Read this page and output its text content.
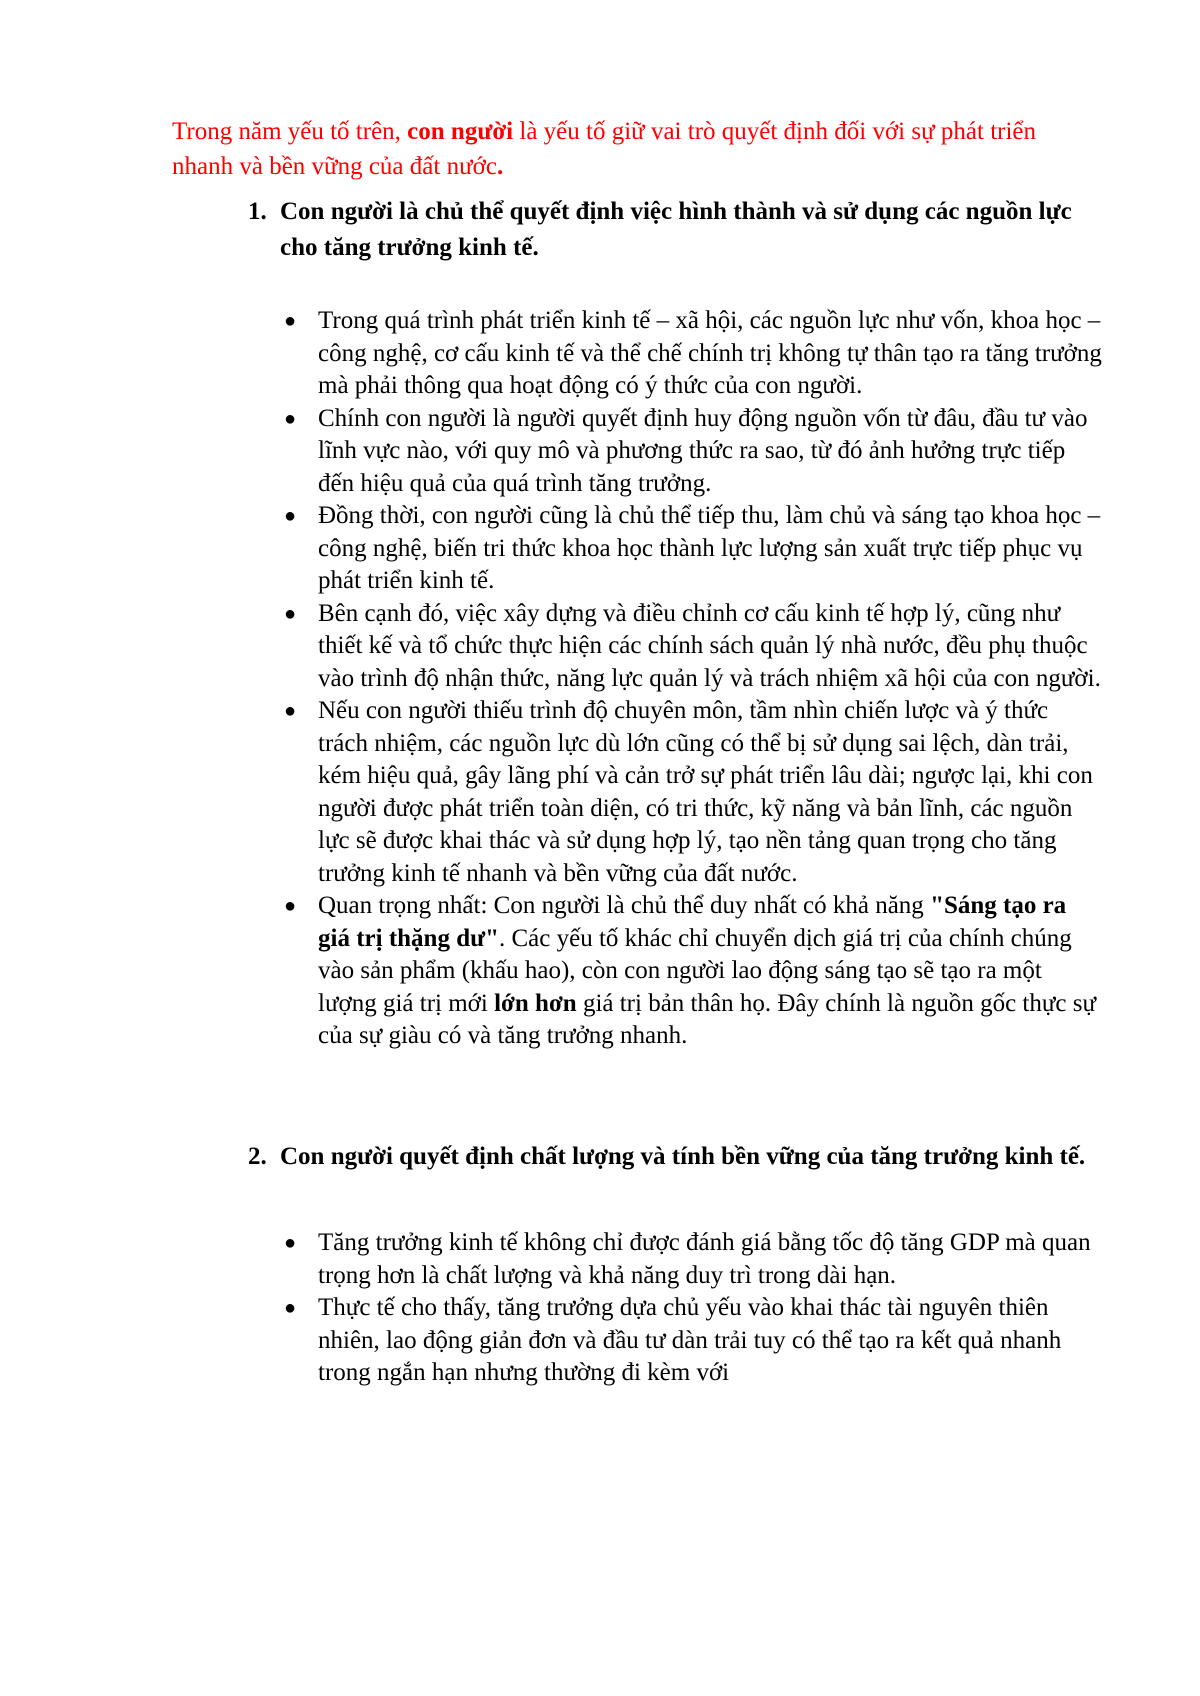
Trong năm yếu tố trên, con người là yếu tố giữ vai trò quyết định đối với sự phát triển nhanh và bền vững của đất nước.

1. Con người là chủ thể quyết định việc hình thành và sử dụng các nguồn lực cho tăng trưởng kinh tế.
● Trong quá trình phát triển kinh tế – xã hội, các nguồn lực như vốn, khoa học – công nghệ, cơ cấu kinh tế và thể chế chính trị không tự thân tạo ra tăng trưởng mà phải thông qua hoạt động có ý thức của con người.
● Chính con người là người quyết định huy động nguồn vốn từ đâu, đầu tư vào lĩnh vực nào, với quy mô và phương thức ra sao, từ đó ảnh hưởng trực tiếp đến hiệu quả của quá trình tăng trưởng.
● Đồng thời, con người cũng là chủ thể tiếp thu, làm chủ và sáng tạo khoa học – công nghệ, biến tri thức khoa học thành lực lượng sản xuất trực tiếp phục vụ phát triển kinh tế.
● Bên cạnh đó, việc xây dựng và điều chỉnh cơ cấu kinh tế hợp lý, cũng như thiết kế và tổ chức thực hiện các chính sách quản lý nhà nước, đều phụ thuộc vào trình độ nhận thức, năng lực quản lý và trách nhiệm xã hội của con người.
● Nếu con người thiếu trình độ chuyên môn, tầm nhìn chiến lược và ý thức trách nhiệm, các nguồn lực dù lớn cũng có thể bị sử dụng sai lệch, dàn trải, kém hiệu quả, gây lãng phí và cản trở sự phát triển lâu dài; ngược lại, khi con người được phát triển toàn diện, có tri thức, kỹ năng và bản lĩnh, các nguồn lực sẽ được khai thác và sử dụng hợp lý, tạo nền tảng quan trọng cho tăng trưởng kinh tế nhanh và bền vững của đất nước.
● Quan trọng nhất: Con người là chủ thể duy nhất có khả năng "Sáng tạo ra giá trị thặng dư". Các yếu tố khác chỉ chuyển dịch giá trị của chính chúng vào sản phẩm (khấu hao), còn con người lao động sáng tạo sẽ tạo ra một lượng giá trị mới lớn hơn giá trị bản thân họ. Đây chính là nguồn gốc thực sự của sự giàu có và tăng trưởng nhanh.
2. Con người quyết định chất lượng và tính bền vững của tăng trưởng kinh tế.
● Tăng trưởng kinh tế không chỉ được đánh giá bằng tốc độ tăng GDP mà quan trọng hơn là chất lượng và khả năng duy trì trong dài hạn.
● Thực tế cho thấy, tăng trưởng dựa chủ yếu vào khai thác tài nguyên thiên nhiên, lao động giản đơn và đầu tư dàn trải tuy có thể tạo ra kết quả nhanh trong ngắn hạn nhưng thường đi kèm với
